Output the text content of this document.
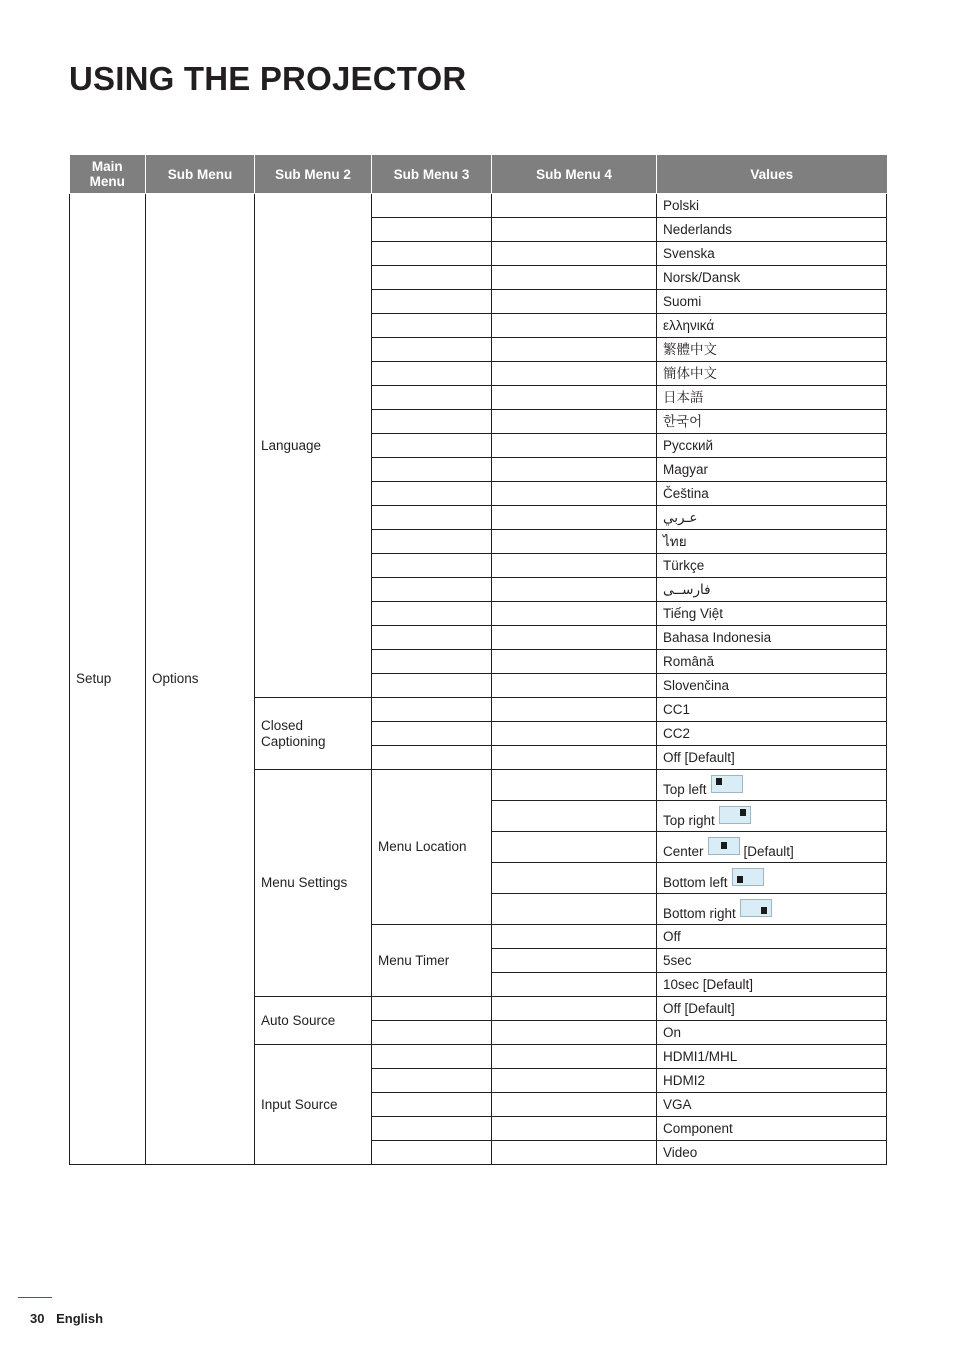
USING THE PROJECTOR
Main Menu	Sub Menu	Sub Menu 2	Sub Menu 3	Sub Menu 4	Values
Setup	Options	Language			Polski
					Nederlands
					Svenska
					Norsk/Dansk
					Suomi
					ελληνικά
					繁體中文
					簡体中文
					日本語
					한국어
					Русский
					Magyar
					Čeština
					عـربي
					ไทย
					Türkçe
					فارســی
					Tiếng Việt
					Bahasa Indonesia
					Română
					Slovenčina
		Closed Captioning			CC1
					CC2
					Off [Default]
		Menu Settings	Menu Location		Top left

					Top right

					Center [Default]
					Bottom left

					Bottom right

			Menu Timer		Off
					5sec
					10sec [Default]
		Auto Source			Off [Default]
					On
		Input Source			HDMI1/MHL
					HDMI2
					VGA
					Component
					Video
30 English
